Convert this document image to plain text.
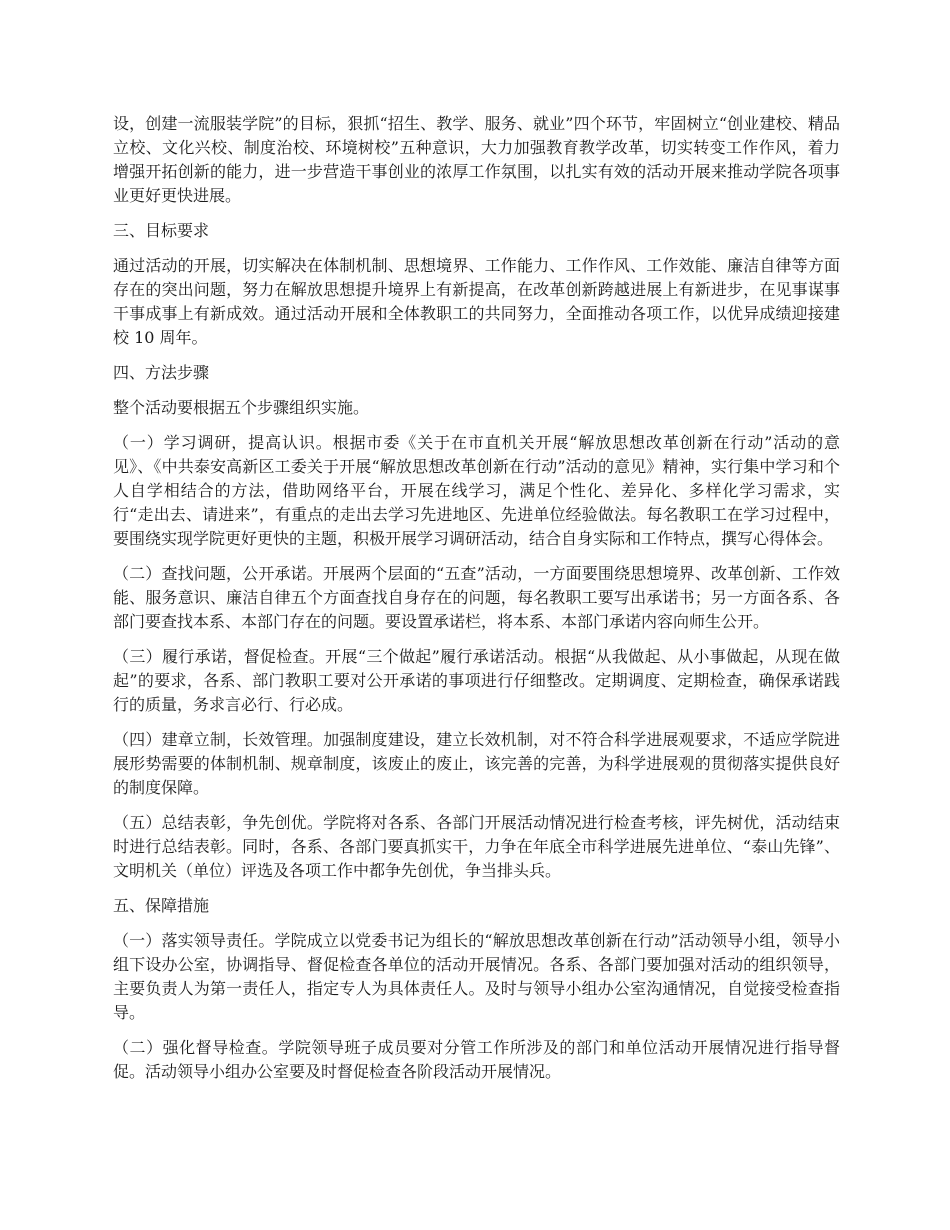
设，创建一流服装学院”的目标，狠抓“招生、教学、服务、就业”四个环节，牢固树立“创业建校、精品立校、文化兴校、制度治校、环境树校”五种意识，大力加强教育教学改革，切实转变工作作风，着力增强开拓创新的能力，进一步营造干事创业的浓厚工作氛围，以扎实有效的活动开展来推动学院各项事业更好更快进展。

三、目标要求

通过活动的开展，切实解决在体制机制、思想境界、工作能力、工作作风、工作效能、廉洁自律等方面存在的突出问题，努力在解放思想提升境界上有新提高，在改革创新跨越进展上有新进步，在见事谋事干事成事上有新成效。通过活动开展和全体教职工的共同努力，全面推动各项工作，以优异成绩迎接建校 10 周年。

四、方法步骤

整个活动要根据五个步骤组织实施。

（一）学习调研，提高认识。根据市委《关于在市直机关开展“解放思想改革创新在行动”活动的意见》、《中共泰安高新区工委关于开展“解放思想改革创新在行动”活动的意见》精神，实行集中学习和个人自学相结合的方法，借助网络平台，开展在线学习，满足个性化、差异化、多样化学习需求，实行“走出去、请进来”，有重点的走出去学习先进地区、先进单位经验做法。每名教职工在学习过程中，要围绕实现学院更好更快的主题，积极开展学习调研活动，结合自身实际和工作特点，撰写心得体会。

（二）查找问题，公开承诺。开展两个层面的“五查”活动，一方面要围绕思想境界、改革创新、工作效能、服务意识、廉洁自律五个方面查找自身存在的问题，每名教职工要写出承诺书；另一方面各系、各部门要查找本系、本部门存在的问题。要设置承诺栏，将本系、本部门承诺内容向师生公开。

（三）履行承诺，督促检查。开展“三个做起”履行承诺活动。根据“从我做起、从小事做起，从现在做起”的要求，各系、部门教职工要对公开承诺的事项进行仔细整改。定期调度、定期检查，确保承诺践行的质量，务求言必行、行必成。

（四）建章立制，长效管理。加强制度建设，建立长效机制，对不符合科学进展观要求，不适应学院进展形势需要的体制机制、规章制度，该废止的废止，该完善的完善，为科学进展观的贯彻落实提供良好的制度保障。

（五）总结表彰，争先创优。学院将对各系、各部门开展活动情况进行检查考核，评先树优，活动结束时进行总结表彰。同时，各系、各部门要真抓实干，力争在年底全市科学进展先进单位、“泰山先锋”、文明机关（单位）评选及各项工作中都争先创优，争当排头兵。

五、保障措施

（一）落实领导责任。学院成立以党委书记为组长的“解放思想改革创新在行动”活动领导小组，领导小组下设办公室，协调指导、督促检查各单位的活动开展情况。各系、各部门要加强对活动的组织领导，主要负责人为第一责任人，指定专人为具体责任人。及时与领导小组办公室沟通情况，自觉接受检查指导。

（二）强化督导检查。学院领导班子成员要对分管工作所涉及的部门和单位活动开展情况进行指导督促。活动领导小组办公室要及时督促检查各阶段活动开展情况。
